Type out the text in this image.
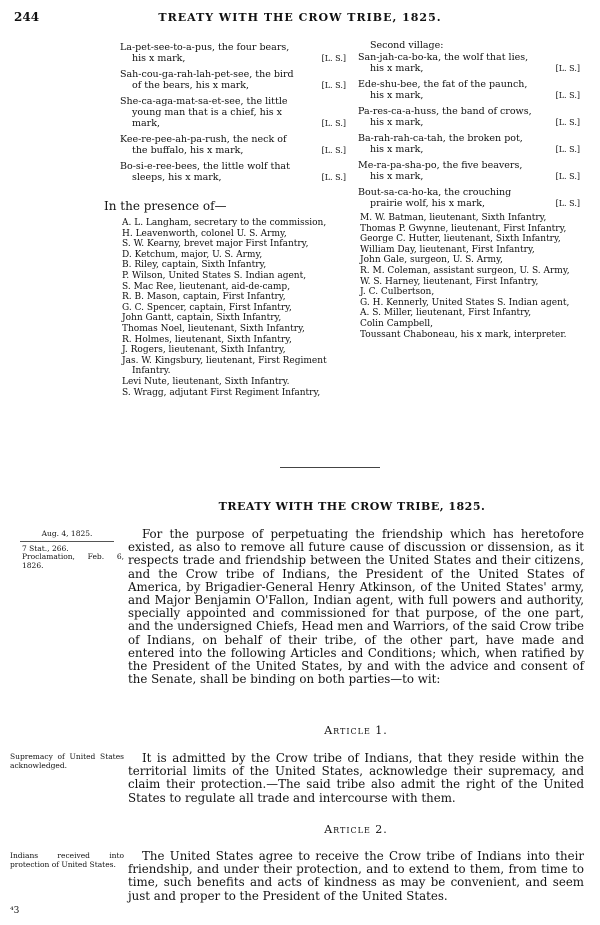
244	TREATY WITH THE CROW TRIBE, 1825.
La-pet-see-to-a-pus, the four bears,
his x mark,	[L. S.]
Sah-cou-ga-rah-lah-pet-see, the bird
of the bears, his x mark,	[L. S.]
She-ca-aga-mat-sa-et-see, the little
young man that is a chief, his x mark,	[L. S.]
Kee-re-pee-ah-pa-rush, the neck of
the buffalo, his x mark,	[L. S.]
Bo-si-e-ree-bees, the little wolf that
sleeps, his x mark,	[L. S.]
Second village:
San-jah-ca-bo-ka, the wolf that lies,
his x mark,	[L. S.]
Ede-shu-bee, the fat of the paunch,
his x mark,	[L. S.]
Pa-res-ca-a-huss, the band of crows,
his x mark,	[L. S.]
Ba-rah-rah-ca-tah, the broken pot,
his x mark,	[L. S.]
Me-ra-pa-sha-po, the five beavers,
his x mark,	[L. S.]
Bout-sa-ca-ho-ka, the crouching
prairie wolf, his x mark,	[L. S.]
In the presence of—
A. L. Langham, secretary to the commission,
H. Leavenworth, colonel U. S. Army,
S. W. Kearny, brevet major First Infantry,
D. Ketchum, major, U. S. Army,
B. Riley, captain, Sixth Infantry,
P. Wilson, United States S. Indian agent,
S. Mac Ree, lieutenant, aid-de-camp,
R. B. Mason, captain, First Infantry,
G. C. Spencer, captain, First Infantry,
John Gantt, captain, Sixth Infantry,
Thomas Noel, lieutenant, Sixth Infantry,
R. Holmes, lieutenant, Sixth Infantry,
J. Rogers, lieutenant, Sixth Infantry,
Jas. W. Kingsbury, lieutenant, First Regiment Infantry.
Levi Nute, lieutenant, Sixth Infantry.
S. Wragg, adjutant First Regiment Infantry,
M. W. Batman, lieutenant, Sixth Infantry,
Thomas P. Gwynne, lieutenant, First Infantry,
George C. Hutter, lieutenant, Sixth Infantry,
William Day, lieutenant, First Infantry,
John Gale, surgeon, U. S. Army,
R. M. Coleman, assistant surgeon, U. S. Army,
W. S. Harney, lieutenant, First Infantry,
J. C. Culbertson,
G. H. Kennerly, United States S. Indian agent,
A. S. Miller, lieutenant, First Infantry,
Colin Campbell,
Toussant Chaboneau, his x mark, interpreter.
TREATY WITH THE CROW TRIBE, 1825.
Aug. 4, 1825.
7 Stat., 266.
Proclamation, Feb. 6, 1826.
Supremacy of United States acknowledged.
Indians received into protection of United States.

For the purpose of perpetuating the friendship which has heretofore existed, as also to remove all future cause of discussion or dissension, as it respects trade and friendship between the United States and their citizens, and the Crow tribe of Indians, the President of the United States of America, by Brigadier-General Henry Atkinson, of the United States' army, and Major Benjamin O'Fallon, Indian agent, with full powers and authority, specially appointed and commissioned for that purpose, of the one part, and the undersigned Chiefs, Head men and Warriors, of the said Crow tribe of Indians, on behalf of their tribe, of the other part, have made and entered into the following Articles and Conditions; which, when ratified by the President of the United States, by and with the advice and consent of the Senate, shall be binding on both parties—to wit:

Article 1.

It is admitted by the Crow tribe of Indians, that they reside within the territorial limits of the United States, acknowledge their supremacy, and claim their protection.—The said tribe also admit the right of the United States to regulate all trade and intercourse with them.

Article 2.

The United States agree to receive the Crow tribe of Indians into their friendship, and under their protection, and to extend to them, from time to time, such benefits and acts of kindness as may be convenient, and seem just and proper to the President of the United States.

⁴3
